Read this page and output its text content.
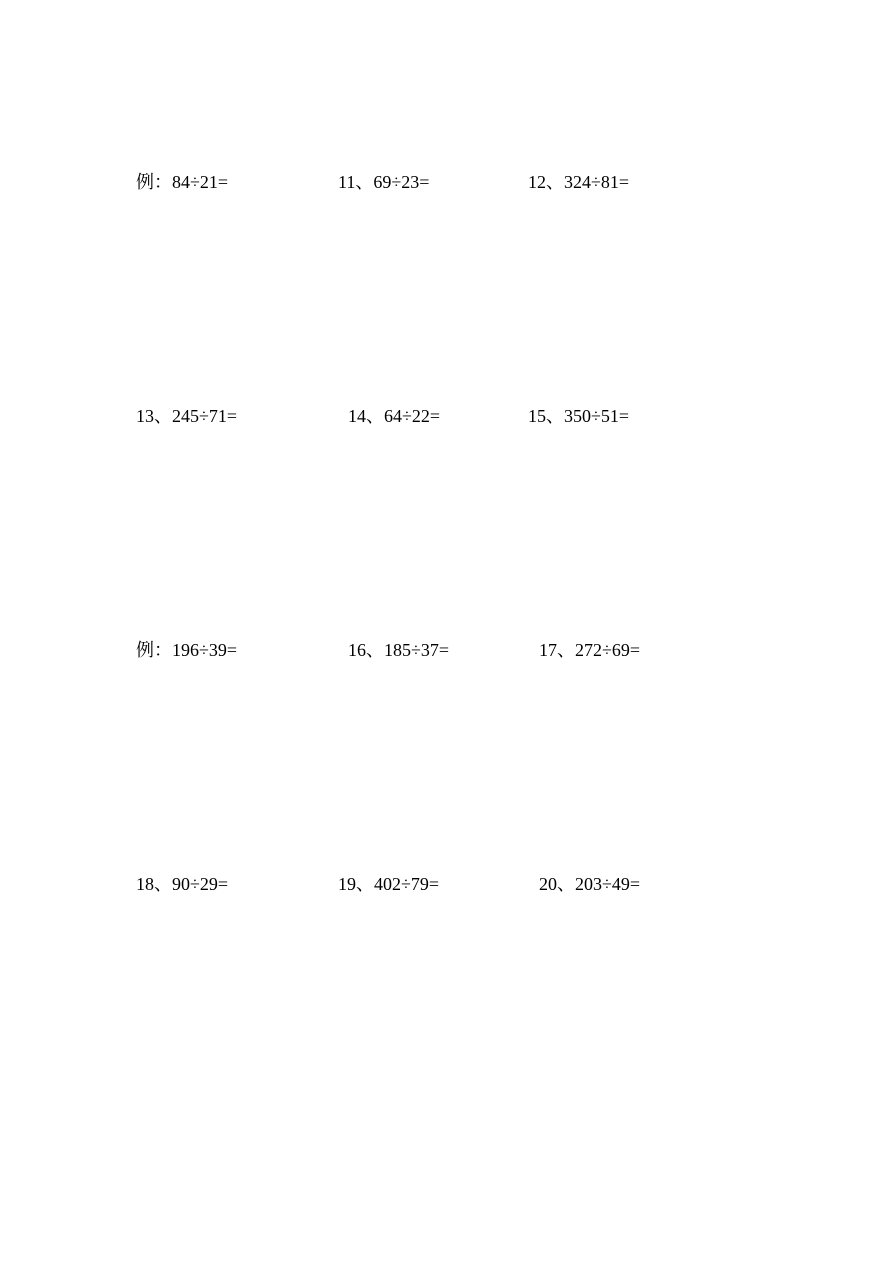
例：84÷21=	11、69÷23=	12、324÷81=
13、245÷71=	14、64÷22=	15、350÷51=
例：196÷39=	16、185÷37=	17、272÷69=
18、90÷29=	19、402÷79=	20、203÷49=
